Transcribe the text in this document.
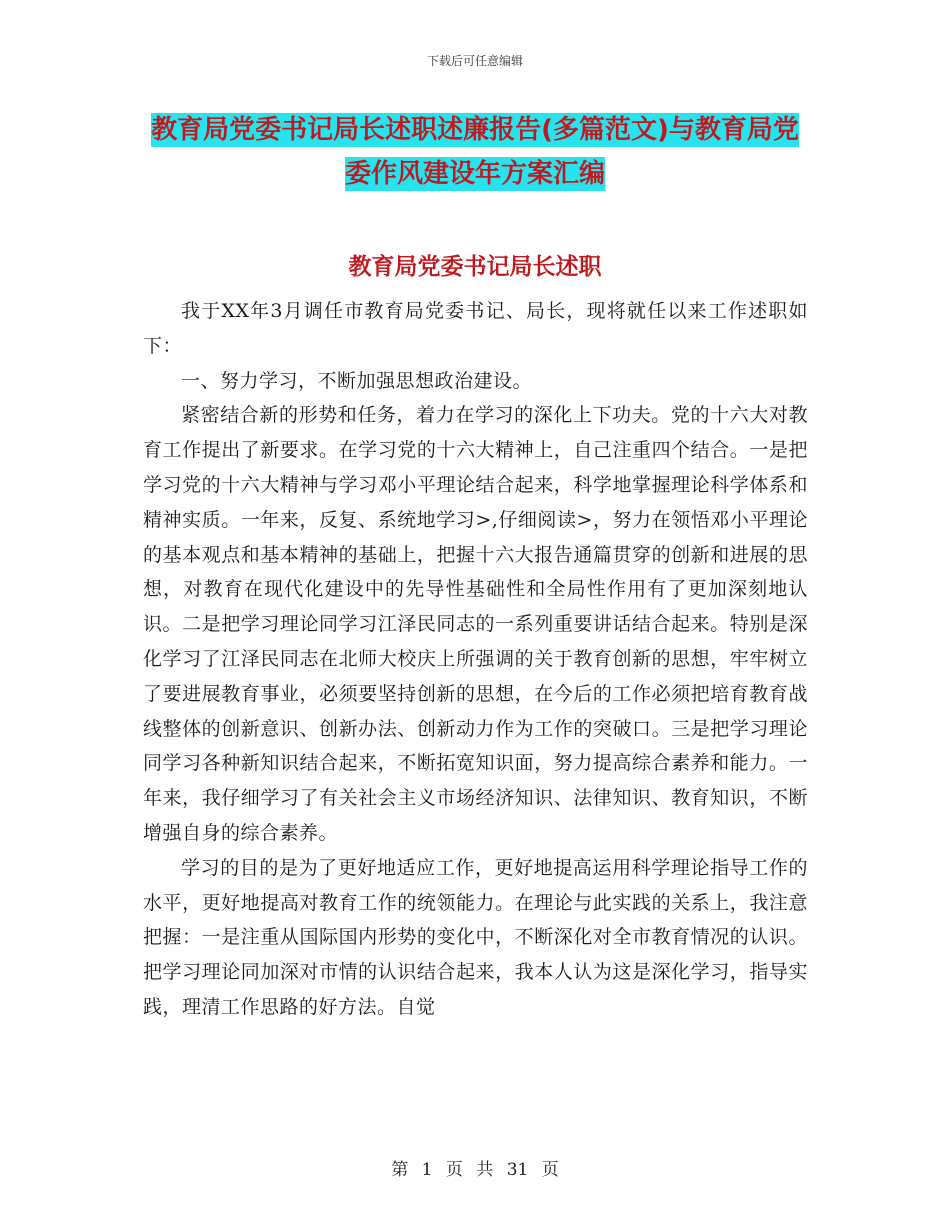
下载后可任意编辑
教育局党委书记局长述职述廉报告(多篇范文)与教育局党委作风建设年方案汇编
教育局党委书记局长述职

我于XX年3月调任市教育局党委书记、局长，现将就任以来工作述职如下：

一、努力学习，不断加强思想政治建设。

紧密结合新的形势和任务，着力在学习的深化上下功夫。党的十六大对教育工作提出了新要求。在学习党的十六大精神上，自己注重四个结合。一是把学习党的十六大精神与学习邓小平理论结合起来，科学地掌握理论科学体系和精神实质。一年来，反复、系统地学习>,仔细阅读>，努力在领悟邓小平理论的基本观点和基本精神的基础上，把握十六大报告通篇贯穿的创新和进展的思想，对教育在现代化建设中的先导性基础性和全局性作用有了更加深刻地认识。二是把学习理论同学习江泽民同志的一系列重要讲话结合起来。特别是深化学习了江泽民同志在北师大校庆上所强调的关于教育创新的思想，牢牢树立了要进展教育事业，必须要坚持创新的思想，在今后的工作必须把培育教育战线整体的创新意识、创新办法、创新动力作为工作的突破口。三是把学习理论同学习各种新知识结合起来，不断拓宽知识面，努力提高综合素养和能力。一年来，我仔细学习了有关社会主义市场经济知识、法律知识、教育知识，不断增强自身的综合素养。

学习的目的是为了更好地适应工作，更好地提高运用科学理论指导工作的水平，更好地提高对教育工作的统领能力。在理论与此实践的关系上，我注意把握：一是注重从国际国内形势的变化中，不断深化对全市教育情况的认识。把学习理论同加深对市情的认识结合起来，我本人认为这是深化学习，指导实践，理清工作思路的好方法。自觉

第 1 页 共 31 页
